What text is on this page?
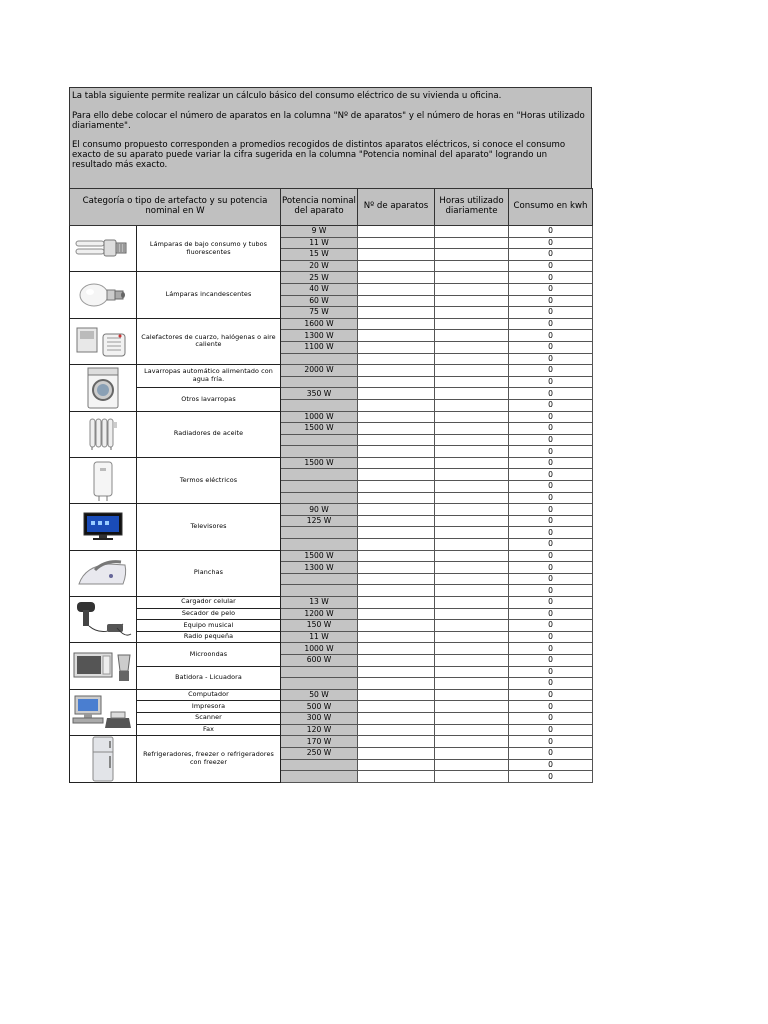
La tabla siguiente permite realizar un cálculo básico del consumo eléctrico de su vivienda u oficina.

Para ello debe colocar el número de aparatos en la columna "Nº de aparatos" y el número de horas en "Horas utilizado diariamente".

El consumo propuesto corresponden a promedios recogidos de distintos aparatos eléctricos, si conoce el consumo exacto de su aparato puede variar la cifra sugerida en la columna "Potencia nominal del aparato" logrando un resultado más exacto.

Categoría o tipo de artefacto y su potencia nominal en W		Potencia nominal del aparato	Nº de aparatos	Horas utilizado diariamente	Consumo en kwh

	Lámparas de bajo consumo y tubos fluorescentes	9 W			0
		11 W			0
		15 W			0
		20 W			0

	Lámparas incandescentes	25 W			0
		40 W			0
		60 W			0
		75 W			0

	Calefactores de cuarzo, halógenas o aire caliente	1600 W			0
		1300 W			0
		1100 W			0
					0

	Lavarropas automático alimentado con agua fría.	2000 W			0
					0
	Otros lavarropas	350 W			0
					0

	Radiadores de aceite	1000 W			0
		1500 W			0
					0
					0

	Termos eléctricos	1500 W			0
					0
					0
					0

	Televisores	90 W			0
		125 W			0
					0
					0

	Planchas	1500 W			0
		1300 W			0
					0
					0

	Cargador celular	13 W			0
	Secador de pelo	1200 W			0
	Equipo musical	150 W			0
	Radio pequeña	11 W			0

	Microondas	1000 W			0
		600 W			0
	Batidora - Licuadora				0
					0

	Computador	50 W			0
	Impresora	500 W			0
	Scanner	300 W			0
	Fax	120 W			0

	Refrigeradores, freezer o refrigeradores con freezer	170 W			0
		250 W			0
					0
					0
